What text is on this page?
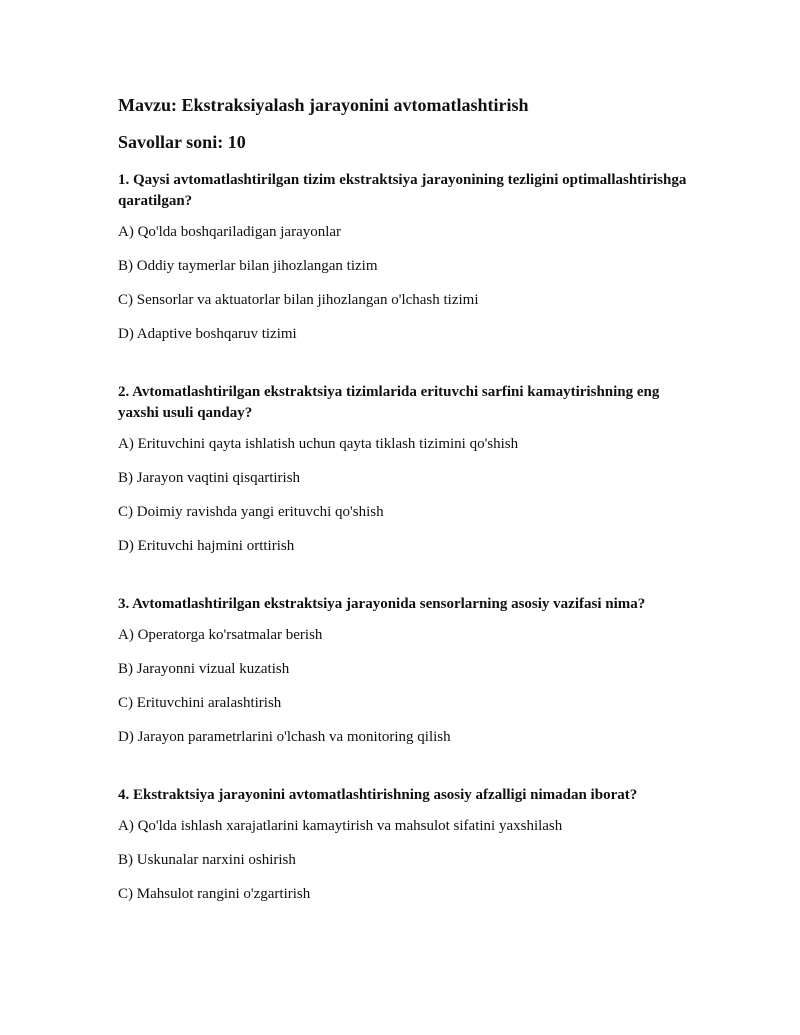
Mavzu: Ekstraksiyalash jarayonini avtomatlashtirish
Savollar soni: 10

1. Qaysi avtomatlashtirilgan tizim ekstraktsiya jarayonining tezligini optimallashtirishga qaratilgan?

A) Qo'lda boshqariladigan jarayonlar

B) Oddiy taymerlar bilan jihozlangan tizim

C) Sensorlar va aktuatorlar bilan jihozlangan o'lchash tizimi

D) Adaptive boshqaruv tizimi

2. Avtomatlashtirilgan ekstraktsiya tizimlarida erituvchi sarfini kamaytirishning eng yaxshi usuli qanday?

A) Erituvchini qayta ishlatish uchun qayta tiklash tizimini qo'shish

B) Jarayon vaqtini qisqartirish

C) Doimiy ravishda yangi erituvchi qo'shish

D) Erituvchi hajmini orttirish

3. Avtomatlashtirilgan ekstraktsiya jarayonida sensorlarning asosiy vazifasi nima?

A) Operatorga ko'rsatmalar berish

B) Jarayonni vizual kuzatish

C) Erituvchini aralashtirish

D) Jarayon parametrlarini o'lchash va monitoring qilish

4. Ekstraktsiya jarayonini avtomatlashtirishning asosiy afzalligi nimadan iborat?

A) Qo'lda ishlash xarajatlarini kamaytirish va mahsulot sifatini yaxshilash

B) Uskunalar narxini oshirish

C) Mahsulot rangini o'zgartirish
